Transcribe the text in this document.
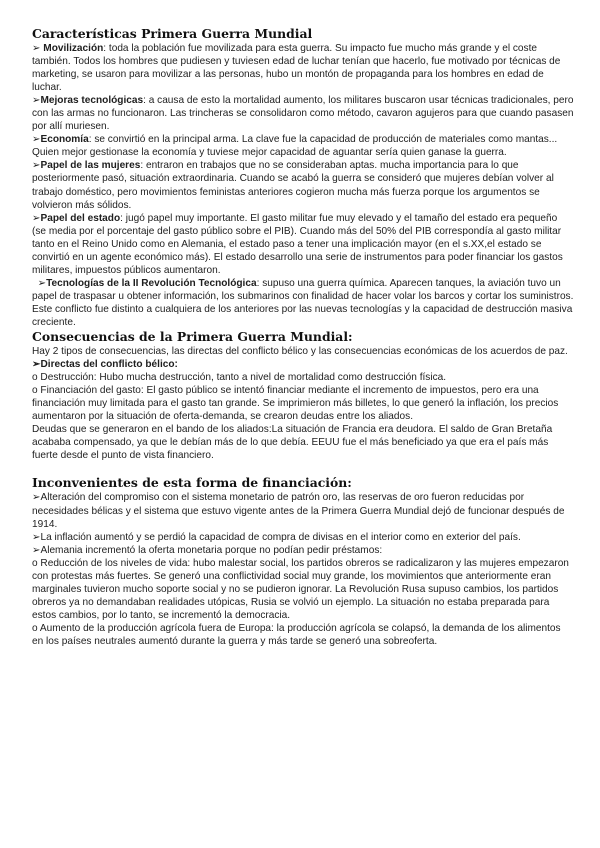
Características Primera Guerra Mundial

➢ Movilización: toda la población fue movilizada para esta guerra. Su impacto fue mucho más grande y el coste también. Todos los hombres que pudiesen y tuviesen edad de luchar tenían que hacerlo, fue motivado por técnicas de marketing, se usaron para movilizar a las personas, hubo un montón de propaganda para los hombres en edad de luchar.

➢Mejoras tecnológicas: a causa de esto la mortalidad aumento, los militares buscaron usar técnicas tradicionales, pero con las armas no funcionaron. Las trincheras se consolidaron como método, cavaron agujeros para que cuando pasasen por allí muriesen.

➢Economía: se convirtió en la principal arma. La clave fue la capacidad de producción de materiales como mantas... Quien mejor gestionase la economía y tuviese mejor capacidad de aguantar sería quien ganase la guerra.

➢Papel de las mujeres: entraron en trabajos que no se consideraban aptas. mucha importancia para lo que posteriormente pasó, situación extraordinaria. Cuando se acabó la guerra se consideró que mujeres debían volver al trabajo doméstico, pero movimientos feministas anteriores cogieron mucha más fuerza porque los argumentos se volvieron más sólidos.

➢Papel del estado: jugó papel muy importante. El gasto militar fue muy elevado y el tamaño del estado era pequeño (se media por el porcentaje del gasto público sobre el PIB). Cuando más del 50% del PIB correspondía al gasto militar tanto en el Reino Unido como en Alemania, el estado paso a tener una implicación mayor (en el s.XX,el estado se convirtió en un agente económico más). El estado desarrollo una serie de instrumentos para poder financiar los gastos militares, impuestos públicos aumentaron.

➢Tecnologías de la II Revolución Tecnológica: supuso una guerra química. Aparecen tanques, la aviación tuvo un papel de traspasar u obtener información, los submarinos con finalidad de hacer volar los barcos y cortar los suministros.

Este conflicto fue distinto a cualquiera de los anteriores por las nuevas tecnologías y la capacidad de destrucción masiva creciente.

Consecuencias de la Primera Guerra Mundial:

Hay 2 tipos de consecuencias, las directas del conflicto bélico y las consecuencias económicas de los acuerdos de paz.

➢Directas del conflicto bélico:

o Destrucción: Hubo mucha destrucción, tanto a nivel de mortalidad como destrucción física.

o Financiación del gasto: El gasto público se intentó financiar mediante el incremento de impuestos, pero era una financiación muy limitada para el gasto tan grande. Se imprimieron más billetes, lo que generó la inflación, los precios aumentaron por la situación de oferta-demanda, se crearon deudas entre los aliados.

Deudas que se generaron en el bando de los aliados:La situación de Francia era deudora. El saldo de Gran Bretaña acababa compensado, ya que le debían más de lo que debía. EEUU fue el más beneficiado ya que era el país más fuerte desde el punto de vista financiero.

Inconvenientes de esta forma de financiación:

➢Alteración del compromiso con el sistema monetario de patrón oro, las reservas de oro fueron reducidas por necesidades bélicas y el sistema que estuvo vigente antes de la Primera Guerra Mundial dejó de funcionar después de 1914.

➢La inflación aumentó y se perdió la capacidad de compra de divisas en el interior como en exterior del país.

➢Alemania incrementó la oferta monetaria porque no podían pedir préstamos:

o Reducción de los niveles de vida: hubo malestar social, los partidos obreros se radicalizaron y las mujeres empezaron con protestas más fuertes. Se generó una conflictividad social muy grande, los movimientos que anteriormente eran marginales tuvieron mucho soporte social y no se pudieron ignorar. La Revolución Rusa supuso cambios, los partidos obreros ya no demandaban realidades utópicas, Rusia se volvió un ejemplo. La situación no estaba preparada para estos cambios, por lo tanto, se incrementó la democracia.

o Aumento de la producción agrícola fuera de Europa: la producción agrícola se colapsó, la demanda de los alimentos en los países neutrales aumentó durante la guerra y más tarde se generó una sobreoferta.
